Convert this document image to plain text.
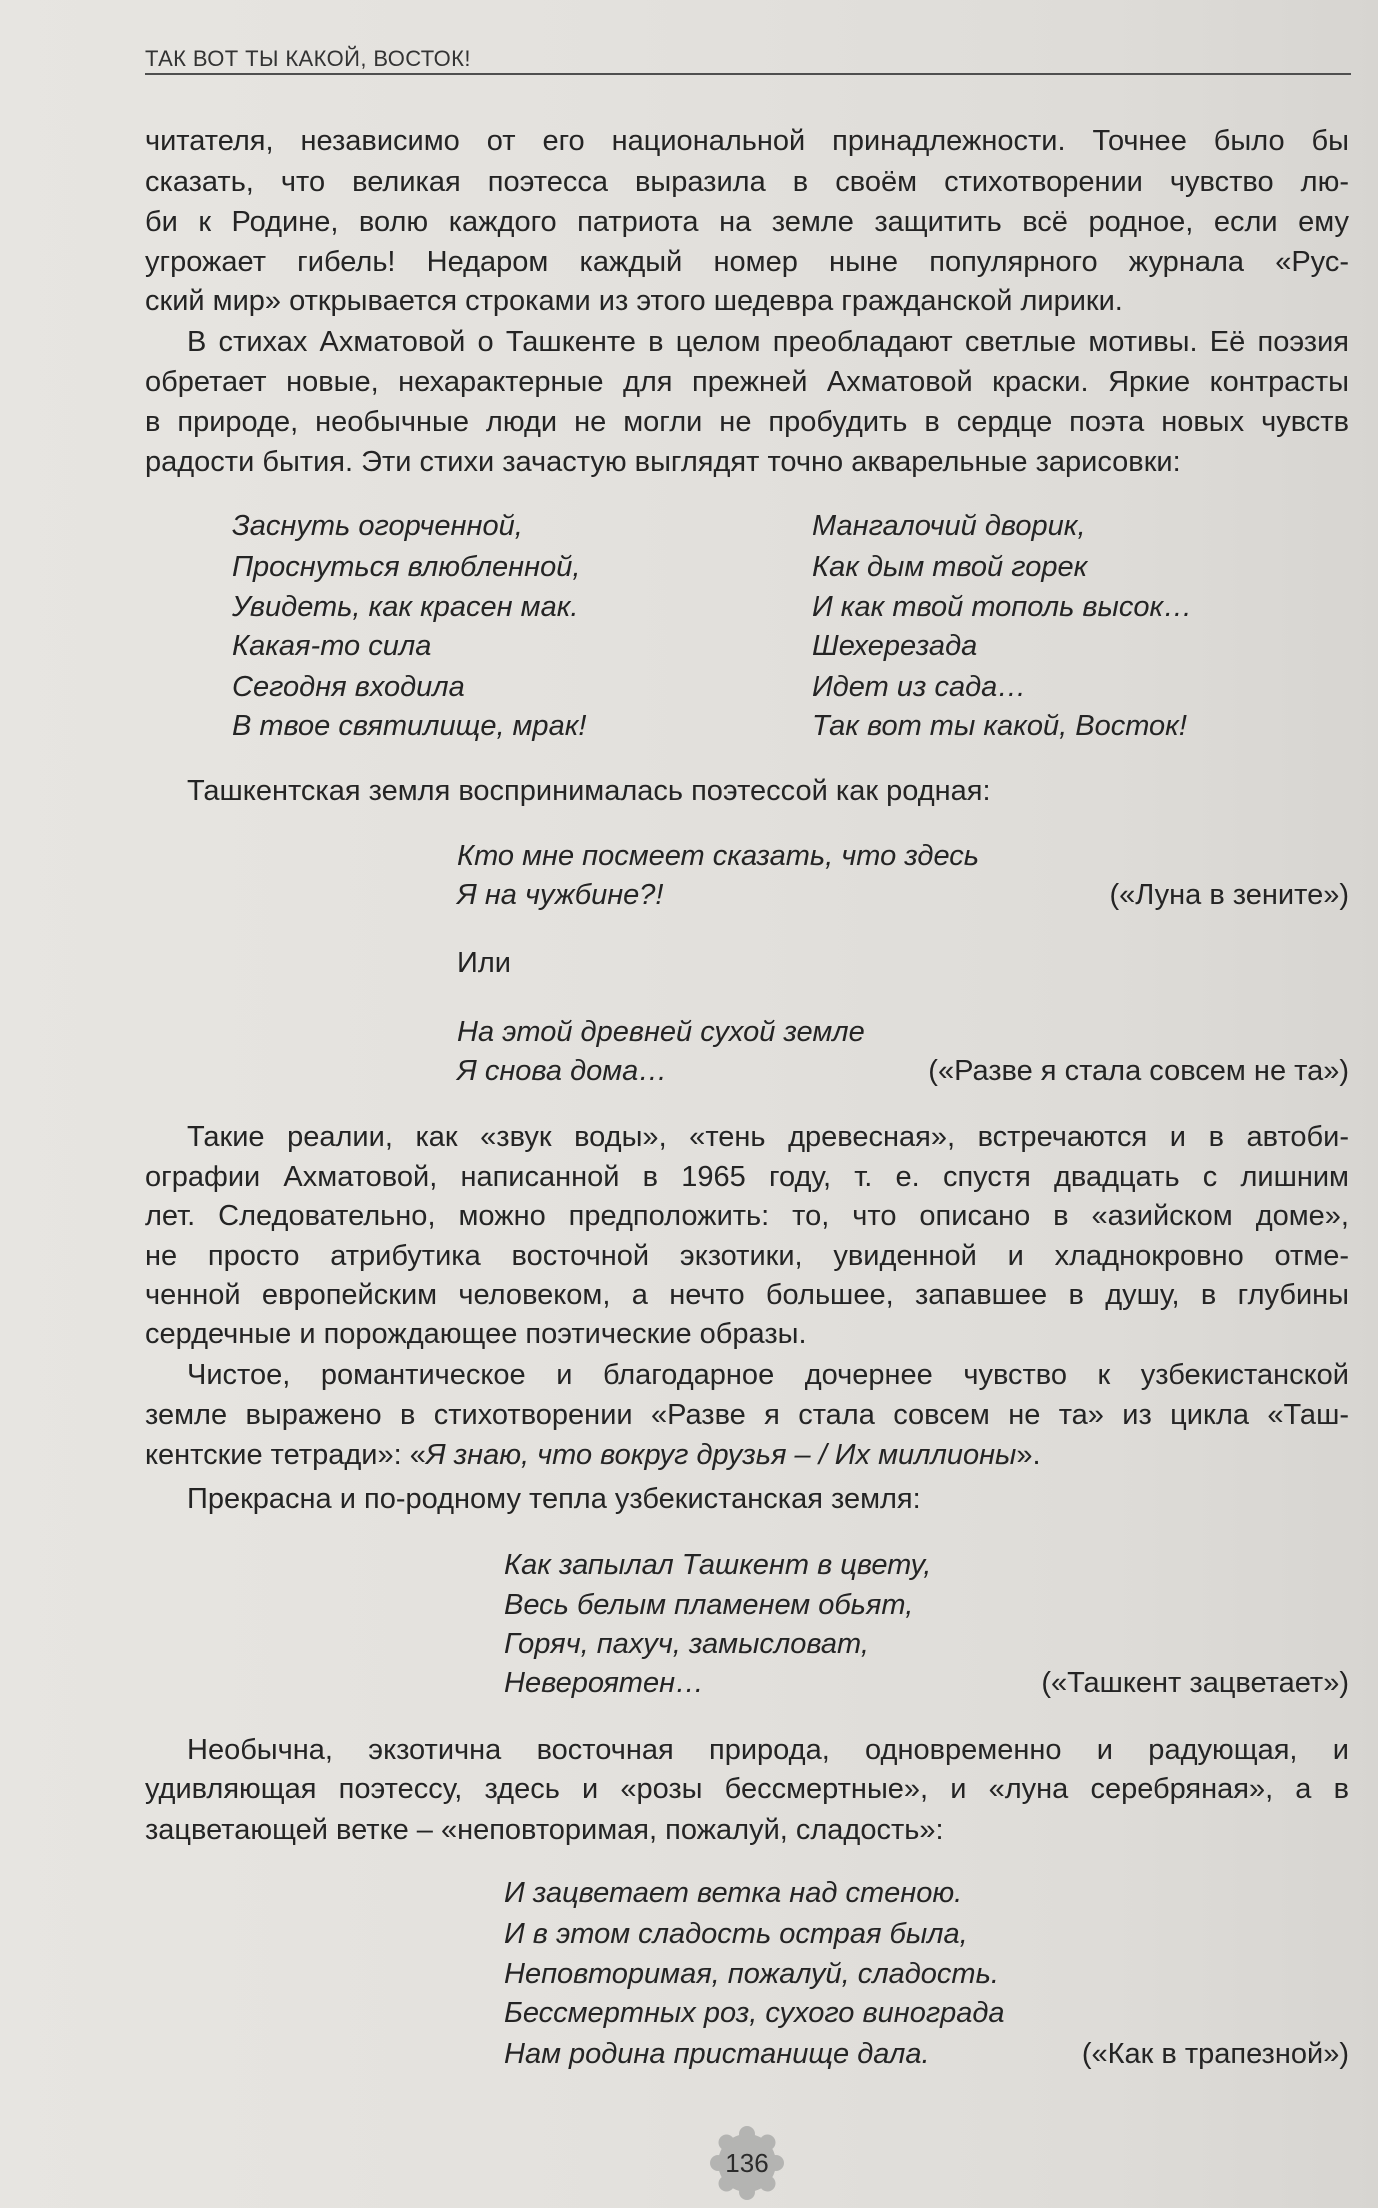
ТАК ВОТ ТЫ КАКОЙ, ВОСТОК!
читателя, независимо от его национальной принадлежности. Точнее было бы
сказать, что великая поэтесса выразила в своём стихотворении чувство лю-
би к Родине, волю каждого патриота на земле защитить всё родное, если ему
угрожает гибель! Недаром каждый номер ныне популярного журнала «Рус-
ский мир» открывается строками из этого шедевра гражданской лирики.
В стихах Ахматовой о Ташкенте в целом преобладают светлые мотивы. Её поэзия
обретает новые, нехарактерные для прежней Ахматовой краски. Яркие контрасты
в природе, необычные люди не могли не пробудить в сердце поэта новых чувств
радости бытия. Эти стихи зачастую выглядят точно акварельные зарисовки:
Заснуть огорченной,
Проснуться влюбленной,
Увидеть, как красен мак.
Какая-то сила
Сегодня входила
В твое святилище, мрак!
Мангалочий дворик,
Как дым твой горек
И как твой тополь высок…
Шехерезада
Идет из сада…
Так вот ты какой, Восток!
Ташкентская земля воспринималась поэтессой как родная:
Кто мне посмеет сказать, что здесь
Я на чужбине?!	(«Луна в зените»)
Или
На этой древней сухой земле
Я снова дома…	(«Разве я стала совсем не та»)
Такие реалии, как «звук воды», «тень древесная», встречаются и в автоби-
ографии Ахматовой, написанной в 1965 году, т. е. спустя двадцать с лишним
лет. Следовательно, можно предположить: то, что описано в «азийском доме»,
не просто атрибутика восточной экзотики, увиденной и хладнокровно отме-
ченной европейским человеком, а нечто большее, запавшее в душу, в глубины
сердечные и порождающее поэтические образы.
Чистое, романтическое и благодарное дочернее чувство к узбекистанской
земле выражено в стихотворении «Разве я стала совсем не та» из цикла «Таш-
кентские тетради»: «Я знаю, что вокруг друзья – / Их миллионы».
Прекрасна и по-родному тепла узбекистанская земля:
Как запылал Ташкент в цвету,
Весь белым пламенем обьят,
Горяч, пахуч, замысловат,
Невероятен…	(«Ташкент зацветает»)
Необычна, экзотична восточная природа, одновременно и радующая, и
удивляющая поэтессу, здесь и «розы бессмертные», и «луна серебряная», а в
зацветающей ветке – «неповторимая, пожалуй, сладость»:
И зацветает ветка над стеною.
И в этом сладость острая была,
Неповторимая, пожалуй, сладость.
Бессмертных роз, сухого винограда
Нам родина пристанище дала.	(«Как в трапезной»)
136
